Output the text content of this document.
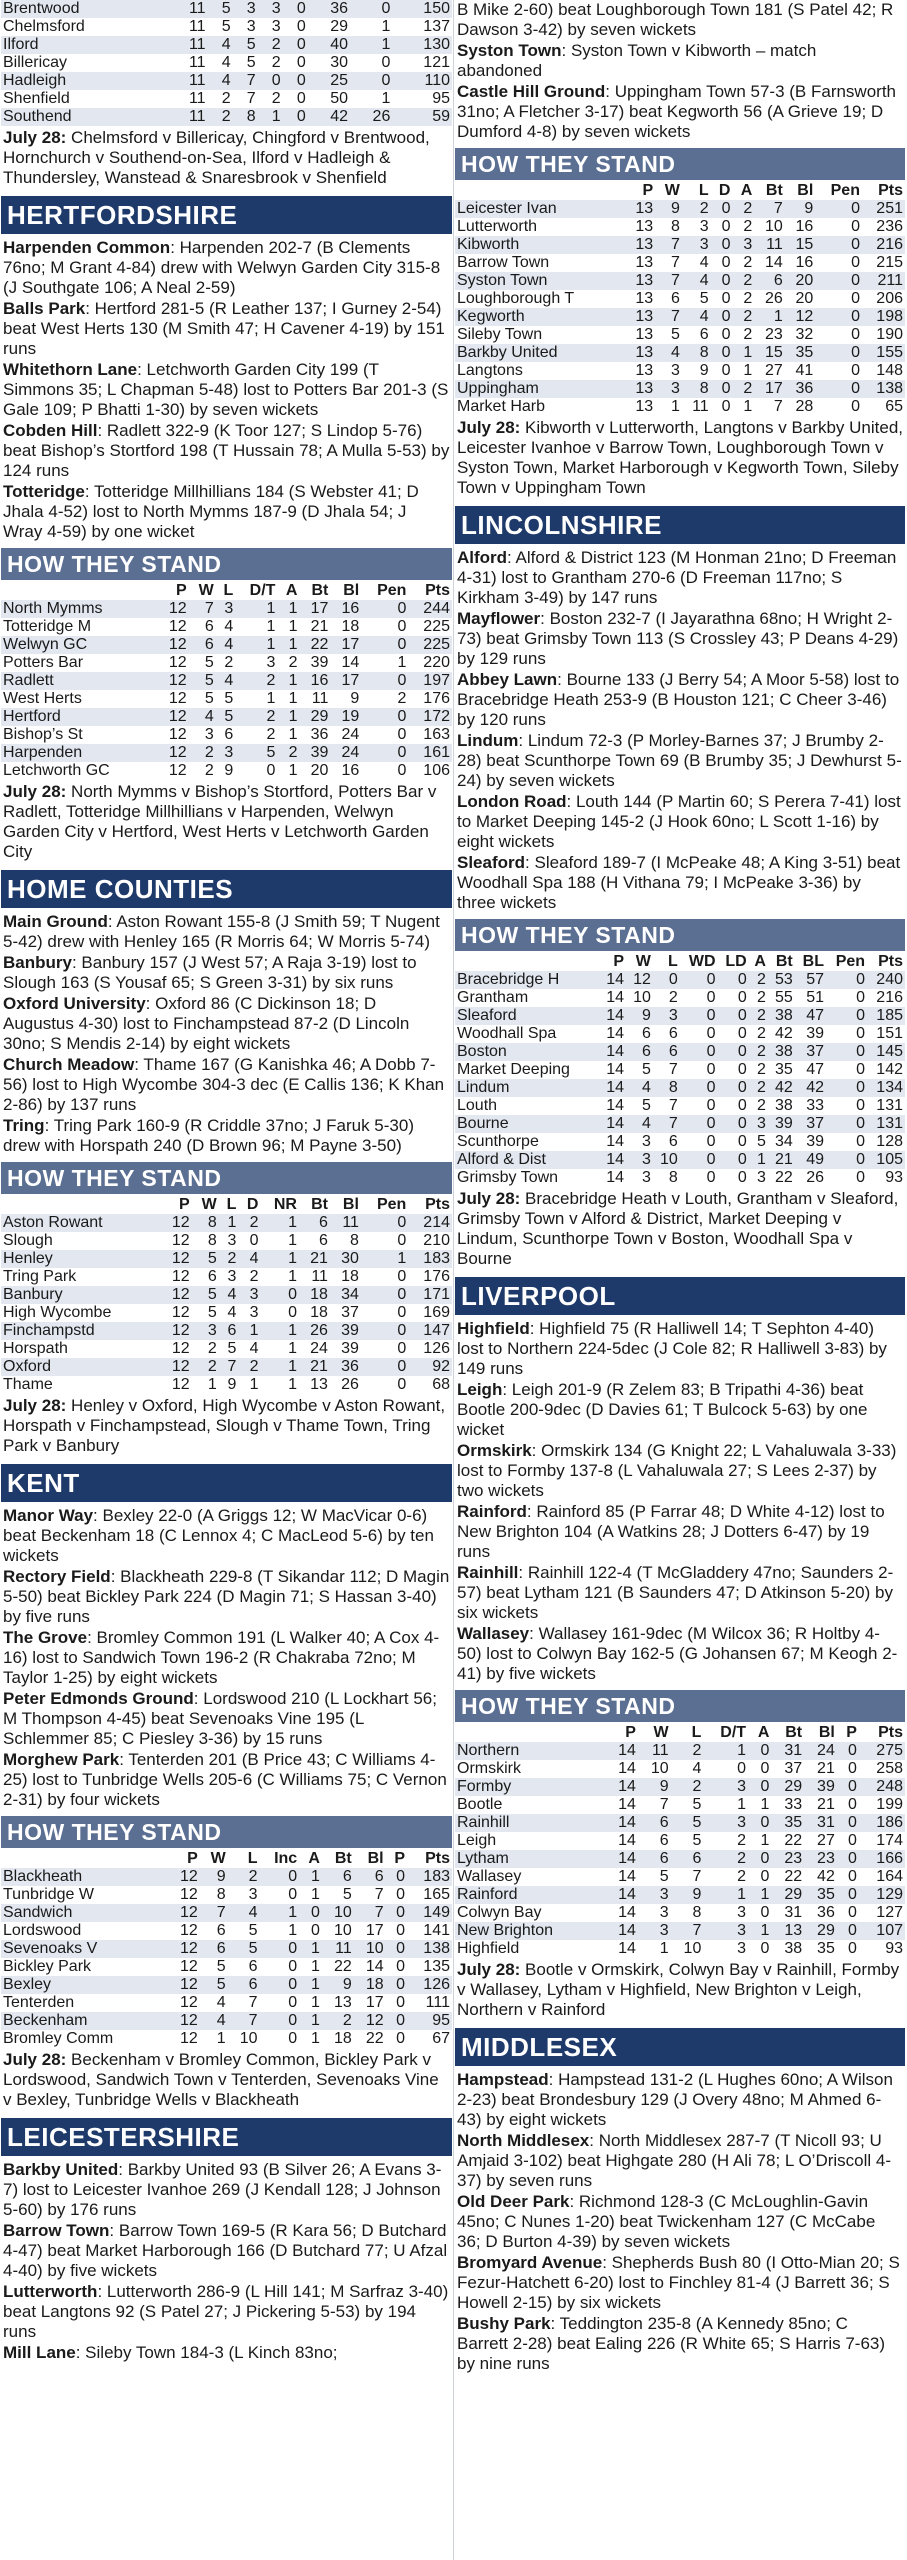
Brentwood	11	5	3	3	0	36	0	150
Chelmsford	11	5	3	3	0	29	1	137
Ilford	11	4	5	2	0	40	1	130
Billericay	11	4	5	2	0	30	0	121
Hadleigh	11	4	7	0	0	25	0	110
Shenfield	11	2	7	2	0	50	1	95
Southend	11	2	8	1	0	42	26	59
July 28: Chelmsford v Billericay, Chingford v Brentwood, Hornchurch v Southend-on-Sea, Ilford v Hadleigh & Thundersley, Wanstead & Snaresbrook v Shenfield
HERTFORDSHIRE
Harpenden Common: Harpenden 202-7 (B Clements 76no; M Grant 4-84) drew with Welwyn Garden City 315-8 (J Southgate 106; A Neal 2-59)
Balls Park: Hertford 281-5 (R Leather 137; I Gurney 2-54) beat West Herts 130 (M Smith 47; H Cavener 4-19) by 151 runs
Whitethorn Lane: Letchworth Garden City 199 (T Simmons 35; L Chapman 5-48) lost to Potters Bar 201-3 (S Gale 109; P Bhatti 1-30) by seven wickets
Cobden Hill: Radlett 322-9 (K Toor 127; S Lindop 5-76) beat Bishop’s Stortford 198 (T Hussain 78; A Mulla 5-53) by 124 runs
Totteridge: Totteridge Millhillians 184 (S Webster 41; D Jhala 4-52) lost to North Mymms 187-9 (D Jhala 54; J Wray 4-59) by one wicket
HOW THEY STAND
	P	W	L	D/T	A	Bt	Bl	Pen	Pts
North Mymms	12	7	3	1	1	17	16	0	244
Totteridge M	12	6	4	1	1	21	18	0	225
Welwyn GC	12	6	4	1	1	22	17	0	225
Potters Bar	12	5	2	3	2	39	14	1	220
Radlett	12	5	4	2	1	16	17	0	197
West Herts	12	5	5	1	1	11	9	2	176
Hertford	12	4	5	2	1	29	19	0	172
Bishop’s St	12	3	6	2	1	36	24	0	163
Harpenden	12	2	3	5	2	39	24	0	161
Letchworth GC	12	2	9	0	1	20	16	0	106
July 28: North Mymms v Bishop’s Stortford, Potters Bar v Radlett, Totteridge Millhillians v Harpenden, Welwyn Garden City v Hertford, West Herts v Letchworth Garden City
HOME COUNTIES
Main Ground: Aston Rowant 155-8 (J Smith 59; T Nugent 5-42) drew with Henley 165 (R Morris 64; W Morris 5-74)
Banbury: Banbury 157 (J West 57; A Raja 3-19) lost to Slough 163 (S Yousaf 65; S Green 3-31) by six runs
Oxford University: Oxford 86 (C Dickinson 18; D Augustus 4-30) lost to Finchampstead 87-2 (D Lincoln 30no; S Mendis 2-14) by eight wickets
Church Meadow: Thame 167 (G Kanishka 46; A Dobb 7-56) lost to High Wycombe 304-3 dec (E Callis 136; K Khan 2-86) by 137 runs
Tring: Tring Park 160-9 (R Criddle 37no; J Faruk 5-30) drew with Horspath 240 (D Brown 96; M Payne 3-50)
HOW THEY STAND
	P	W	L	D	NR	Bt	Bl	Pen	Pts
Aston Rowant	12	8	1	2	1	6	11	0	214
Slough	12	8	3	0	1	6	8	0	210
Henley	12	5	2	4	1	21	30	1	183
Tring Park	12	6	3	2	1	11	18	0	176
Banbury	12	5	4	3	0	18	34	0	171
High Wycombe	12	5	4	3	0	18	37	0	169
Finchampstd	12	3	6	1	1	26	39	0	147
Horspath	12	2	5	4	1	24	39	0	126
Oxford	12	2	7	2	1	21	36	0	92
Thame	12	1	9	1	1	13	26	0	68
July 28: Henley v Oxford, High Wycombe v Aston Rowant, Horspath v Finchampstead, Slough v Thame Town, Tring Park v Banbury
KENT
Manor Way: Bexley 22-0 (A Griggs 12; W MacVicar 0-6) beat Beckenham 18 (C Lennox 4; C MacLeod 5-6) by ten wickets
Rectory Field: Blackheath 229-8 (T Sikandar 112; D Magin 5-50) beat Bickley Park 224 (D Magin 71; S Hassan 3-40) by five runs
The Grove: Bromley Common 191 (L Walker 40; A Cox 4-16) lost to Sandwich Town 196-2 (R Chakraba 72no; M Taylor 1-25) by eight wickets
Peter Edmonds Ground: Lordswood 210 (L Lockhart 56; M Thompson 4-45) beat Sevenoaks Vine 195 (L Schlemmer 85; C Piesley 3-36) by 15 runs
Morghew Park: Tenterden 201 (B Price 43; C Williams 4-25) lost to Tunbridge Wells 205-6 (C Williams 75; C Vernon 2-31) by four wickets
HOW THEY STAND
	P	W	L	Inc	A	Bt	Bl	P	Pts
Blackheath	12	9	2	0	1	6	6	0	183
Tunbridge W	12	8	3	0	1	5	7	0	165
Sandwich	12	7	4	1	0	10	7	0	149
Lordswood	12	6	5	1	0	10	17	0	141
Sevenoaks V	12	6	5	0	1	11	10	0	138
Bickley Park	12	5	6	0	1	22	14	0	135
Bexley	12	5	6	0	1	9	18	0	126
Tenterden	12	4	7	0	1	13	17	0	111
Beckenham	12	4	7	0	1	2	12	0	95
Bromley Comm	12	1	10	0	1	18	22	0	67
July 28: Beckenham v Bromley Common, Bickley Park v Lordswood, Sandwich Town v Tenterden, Sevenoaks Vine v Bexley, Tunbridge Wells v Blackheath
LEICESTERSHIRE
Barkby United: Barkby United 93 (B Silver 26; A Evans 3-7) lost to Leicester Ivanhoe 269 (J Kendall 128; J Johnson 5-60) by 176 runs
Barrow Town: Barrow Town 169-5 (R Kara 56; D Butchard 4-47) beat Market Harborough 166 (D Butchard 77; U Afzal 4-40) by five wickets
Lutterworth: Lutterworth 286-9 (L Hill 141; M Sarfraz 3-40) beat Langtons 92 (S Patel 27; J Pickering 5-53) by 194 runs
Mill Lane: Sileby Town 184-3 (L Kinch 83no;
B Mike 2-60) beat Loughborough Town 181 (S Patel 42; R Dawson 3-42) by seven wickets
Syston Town: Syston Town v Kibworth – match abandoned
Castle Hill Ground: Uppingham Town 57-3 (B Farnsworth 31no; A Fletcher 3-17) beat Kegworth 56 (A Grieve 19; D Dumford 4-8) by seven wickets
HOW THEY STAND
	P	W	L	D	A	Bt	Bl	Pen	Pts
Leicester Ivan	13	9	2	0	2	7	9	0	251
Lutterworth	13	8	3	0	2	10	16	0	236
Kibworth	13	7	3	0	3	11	15	0	216
Barrow Town	13	7	4	0	2	14	16	0	215
Syston Town	13	7	4	0	2	6	20	0	211
Loughborough T	13	6	5	0	2	26	20	0	206
Kegworth	13	7	4	0	2	1	12	0	198
Sileby Town	13	5	6	0	2	23	32	0	190
Barkby United	13	4	8	0	1	15	35	0	155
Langtons	13	3	9	0	1	27	41	0	148
Uppingham	13	3	8	0	2	17	36	0	138
Market Harb	13	1	11	0	1	7	28	0	65
July 28: Kibworth v Lutterworth, Langtons v Barkby United, Leicester Ivanhoe v Barrow Town, Loughborough Town v Syston Town, Market Harborough v Kegworth Town, Sileby Town v Uppingham Town
LINCOLNSHIRE
Alford: Alford & District 123 (M Honman 21no; D Freeman 4-31) lost to Grantham 270-6 (D Freeman 117no; S Kirkham 3-49) by 147 runs
Mayflower: Boston 232-7 (I Jayarathna 68no; H Wright 2-73) beat Grimsby Town 113 (S Crossley 43; P Deans 4-29) by 129 runs
Abbey Lawn: Bourne 133 (J Berry 54; A Moor 5-58) lost to Bracebridge Heath 253-9 (B Houston 121; C Cheer 3-46) by 120 runs
Lindum: Lindum 72-3 (P Morley-Barnes 37; J Brumby 2-28) beat Scunthorpe Town 69 (B Brumby 35; J Dewhurst 5-24) by seven wickets
London Road: Louth 144 (P Martin 60; S Perera 7-41) lost to Market Deeping 145-2 (J Hook 60no; L Scott 1-16) by eight wickets
Sleaford: Sleaford 189-7 (I McPeake 48; A King 3-51) beat Woodhall Spa 188 (H Vithana 79; I McPeake 3-36) by three wickets
HOW THEY STAND
	P	W	L	WD	LD	A	Bt	BL	Pen	Pts
Bracebridge H	14	12	0	0	0	2	53	57	0	240
Grantham	14	10	2	0	0	2	55	51	0	216
Sleaford	14	9	3	0	0	2	38	47	0	185
Woodhall Spa	14	6	6	0	0	2	42	39	0	151
Boston	14	6	6	0	0	2	38	37	0	145
Market Deeping	14	5	7	0	0	2	35	47	0	142
Lindum	14	4	8	0	0	2	42	42	0	134
Louth	14	5	7	0	0	2	38	33	0	131
Bourne	14	4	7	0	0	3	39	37	0	131
Scunthorpe	14	3	6	0	0	5	34	39	0	128
Alford & Dist	14	3	10	0	0	1	21	49	0	105
Grimsby Town	14	3	8	0	0	3	22	26	0	93
July 28: Bracebridge Heath v Louth, Grantham v Sleaford, Grimsby Town v Alford & District, Market Deeping v Lindum, Scunthorpe Town v Boston, Woodhall Spa v Bourne
LIVERPOOL
Highfield: Highfield 75 (R Halliwell 14; T Sephton 4-40) lost to Northern 224-5dec (J Cole 82; R Halliwell 3-83) by 149 runs
Leigh: Leigh 201-9 (R Zelem 83; B Tripathi 4-36) beat Bootle 200-9dec (D Davies 61; T Bulcock 5-63) by one wicket
Ormskirk: Ormskirk 134 (G Knight 22; L Vahaluwala 3-33) lost to Formby 137-8 (L Vahaluwala 27; S Lees 2-37) by two wickets
Rainford: Rainford 85 (P Farrar 48; D White 4-12) lost to New Brighton 104 (A Watkins 28; J Dotters 6-47) by 19 runs
Rainhill: Rainhill 122-4 (T McGladdery 47no; Saunders 2-57) beat Lytham 121 (B Saunders 47; D Atkinson 5-20) by six wickets
Wallasey: Wallasey 161-9dec (M Wilcox 36; R Holtby 4-50) lost to Colwyn Bay 162-5 (G Johansen 67; M Keogh 2-41) by five wickets
HOW THEY STAND
	P	W	L	D/T	A	Bt	Bl	P	Pts
Northern	14	11	2	1	0	31	24	0	275
Ormskirk	14	10	4	0	0	37	21	0	258
Formby	14	9	2	3	0	29	39	0	248
Bootle	14	7	5	1	1	33	21	0	199
Rainhill	14	6	5	3	0	35	31	0	186
Leigh	14	6	5	2	1	22	27	0	174
Lytham	14	6	6	2	0	23	23	0	166
Wallasey	14	5	7	2	0	22	42	0	164
Rainford	14	3	9	1	1	29	35	0	129
Colwyn Bay	14	3	8	3	0	31	36	0	127
New Brighton	14	3	7	3	1	13	29	0	107
Highfield	14	1	10	3	0	38	35	0	93
July 28: Bootle v Ormskirk, Colwyn Bay v Rainhill, Formby v Wallasey, Lytham v Highfield, New Brighton v Leigh, Northern v Rainford
MIDDLESEX
Hampstead: Hampstead 131-2 (L Hughes 60no; A Wilson 2-23) beat Brondesbury 129 (J Overy 48no; M Ahmed 6-43) by eight wickets
North Middlesex: North Middlesex 287-7 (T Nicoll 93; U Amjaid 3-102) beat Highgate 280 (H Ali 78; L O’Driscoll 4-37) by seven runs
Old Deer Park: Richmond 128-3 (C McLoughlin-Gavin 45no; C Nunes 1-20) beat Twickenham 127 (C McCabe 36; D Burton 4-39) by seven wickets
Bromyard Avenue: Shepherds Bush 80 (I Otto-Mian 20; S Fezur-Hatchett 6-20) lost to Finchley 81-4 (J Barrett 36; S Howell 2-15) by six wickets
Bushy Park: Teddington 235-8 (A Kennedy 85no; C Barrett 2-28) beat Ealing 226 (R White 65; S Harris 7-63) by nine runs
